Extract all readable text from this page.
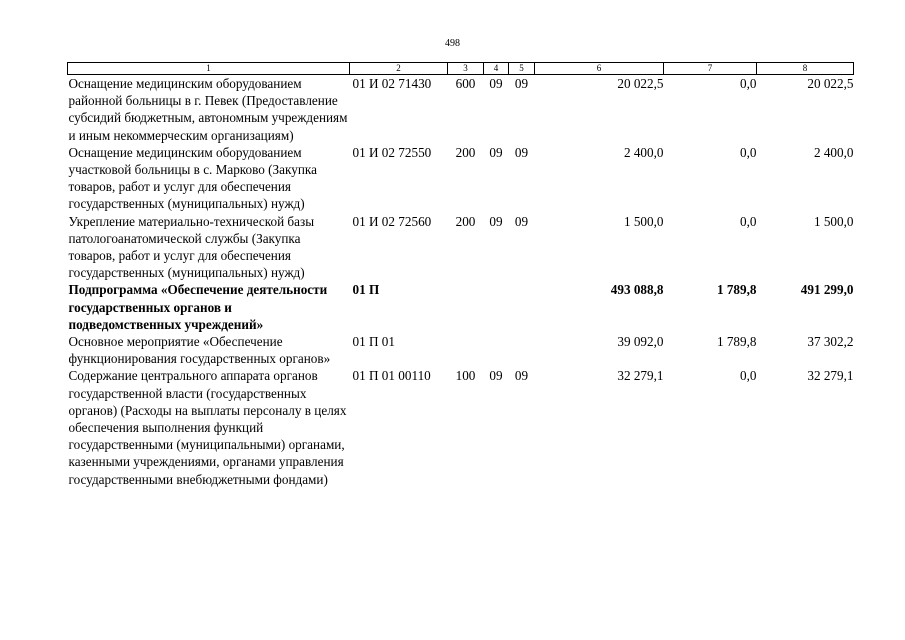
498
1	2	3	4	5	6	7	8
Оснащение медицинским оборудованием районной больницы в г. Певек (Предоставление субсидий бюджетным, автономным учреждениям и иным некоммерческим организациям)	01 И 02 71430	600	09	09	20 022,5	0,0	20 022,5
Оснащение медицинским оборудованием участковой больницы в с. Марково (Закупка товаров, работ и услуг для обеспечения государственных (муниципальных) нужд)	01 И 02 72550	200	09	09	2 400,0	0,0	2 400,0
Укрепление материально-технической базы патологоанатомической службы (Закупка товаров, работ и услуг для обеспечения государственных (муниципальных) нужд)	01 И 02 72560	200	09	09	1 500,0	0,0	1 500,0
Подпрограмма «Обеспечение деятельности государственных органов и подведомственных учреждений»	01 П				493 088,8	1 789,8	491 299,0
Основное мероприятие «Обеспечение функционирования государственных органов»	01 П 01				39 092,0	1 789,8	37 302,2
Содержание центрального аппарата органов государственной власти (государственных органов) (Расходы на выплаты персоналу в целях обеспечения выполнения функций государственными (муниципальными) органами, казенными учреждениями, органами управления государственными внебюджетными фондами)	01 П 01 00110	100	09	09	32 279,1	0,0	32 279,1
